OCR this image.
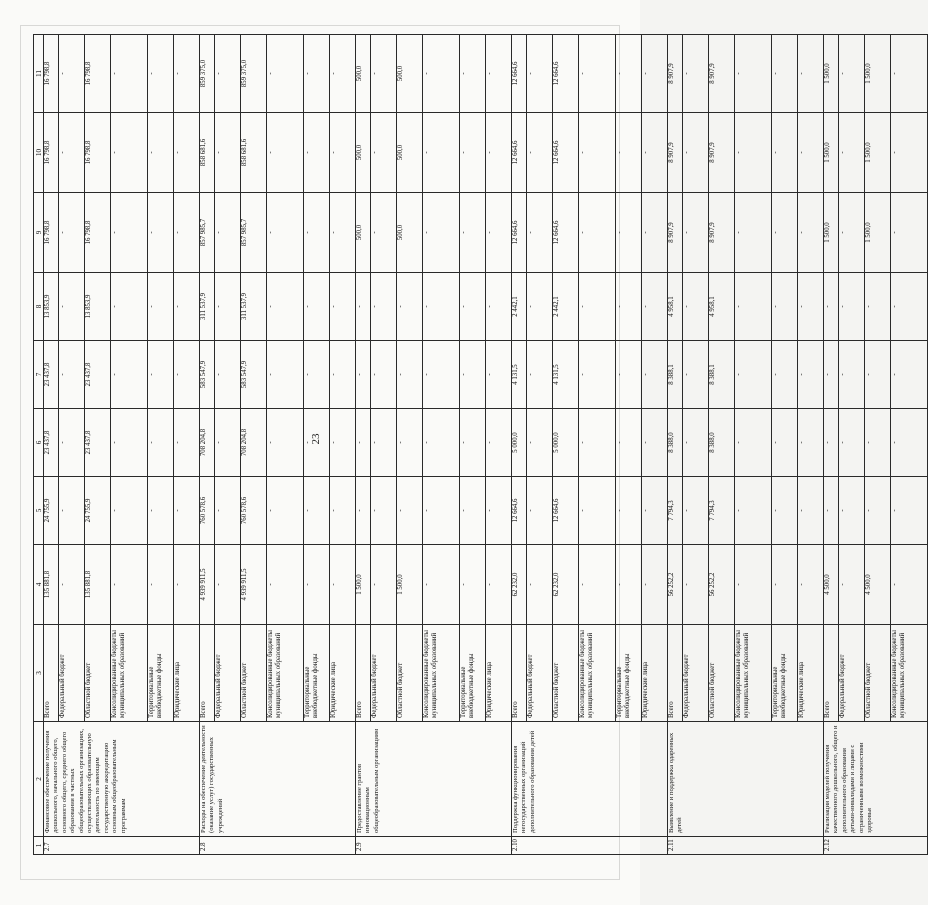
23
1	2	3	4	5	6	7	8	9	10	11
2.7	Финансовое обеспечение получения дошкольного, начального общего, основного общего, среднего общего образования в частных общеобразовательных организациях, осуществляющих образовательную деятельность по имеющим государственную аккредитацию основным общеобразовательным программам	Всего	135 881,8	24 755,9	23 437,8	23 437,8	13 853,9	16 798,8	16 798,8	16 798,8
		Федеральный бюджет	-	-	-	-	-	-	-	-
		Областной бюджет	135 881,8	24 755,9	23 437,8	23 437,8	13 853,9	16 798,8	16 798,8	16 798,8
		Консолидированные бюджеты муниципальных образований	-	-	-	-	-	-	-	-
		Территориальные внебюджетные фонды	-	-	-	-	-	-	-	-
		Юридические лица	-	-	-	-	-	-	-	-
2.8	Расходы на обеспечение деятельности (оказание услуг) государственных учреждений	Всего	4 939 911,5	760 578,6	708 204,8	583 547,9	311 537,9	857 985,7	858 681,6	859 375,0
		Федеральный бюджет	-	-	-	-	-	-	-	-
		Областной бюджет	4 939 911,5	760 578,6	708 204,8	583 547,9	311 537,9	857 985,7	858 681,6	859 375,0
		Консолидированные бюджеты муниципальных образований	-	-	-	-	-	-	-	-
		Территориальные внебюджетные фонды	-	-	-	-	-	-	-	-
		Юридические лица	-	-	-	-	-	-	-	-
2.9	Предоставление грантов инновационным общеобразовательным организациям	Всего	1 500,0	-	-	-	-	500,0	500,0	500,0
		Федеральный бюджет	-	-	-	-	-	-	-	-
		Областной бюджет	1 500,0	-	-	-	-	500,0	500,0	500,0
		Консолидированные бюджеты муниципальных образований	-	-	-	-	-	-	-	-
		Территориальные внебюджетные фонды	-	-	-	-	-	-	-	-
		Юридические лица	-	-	-	-	-	-	-	-
2.10	Поддержка функционирования негосударственных организаций дополнительного образования детей	Всего	62 232,0	12 664,6	5 000,0	4 131,5	2 442,1	12 664,6	12 664,6	12 664,6
		Федеральный бюджет	-	-	-	-	-	-	-	-
		Областной бюджет	62 232,0	12 664,6	5 000,0	4 131,5	2 442,1	12 664,6	12 664,6	12 664,6
		Консолидированные бюджеты муниципальных образований	-	-	-	-	-	-	-	-
		Территориальные внебюджетные фонды	-	-	-	-	-	-	-	-
		Юридические лица	-	-	-	-	-	-	-	-
2.11	Выявление и поддержка одаренных детей	Всего	56 252,2	7 794,3	8 388,0	8 388,1	4 958,1	8 907,9	8 907,9	8 907,9
		Федеральный бюджет	-	-	-	-	-	-	-	-
		Областной бюджет	56 252,2	7 794,3	8 388,0	8 388,1	4 958,1	8 907,9	8 907,9	8 907,9
		Консолидированные бюджеты муниципальных образований	-	-	-	-	-	-	-	-
		Территориальные внебюджетные фонды	-	-	-	-	-	-	-	-
		Юридические лица	-	-	-	-	-	-	-	-
2.12	Реализация моделей получения качественного дошкольного, общего и дополнительного образования детьми-инвалидами и лицами с ограниченными возможностями здоровья	Всего	4 500,0	-	-	-	-	1 500,0	1 500,0	1 500,0
		Федеральный бюджет	-	-	-	-	-	-	-	-
		Областной бюджет	4 500,0	-	-	-	-	1 500,0	1 500,0	1 500,0
		Консолидированные бюджеты муниципальных образований	-	-	-	-	-	-	-	-
